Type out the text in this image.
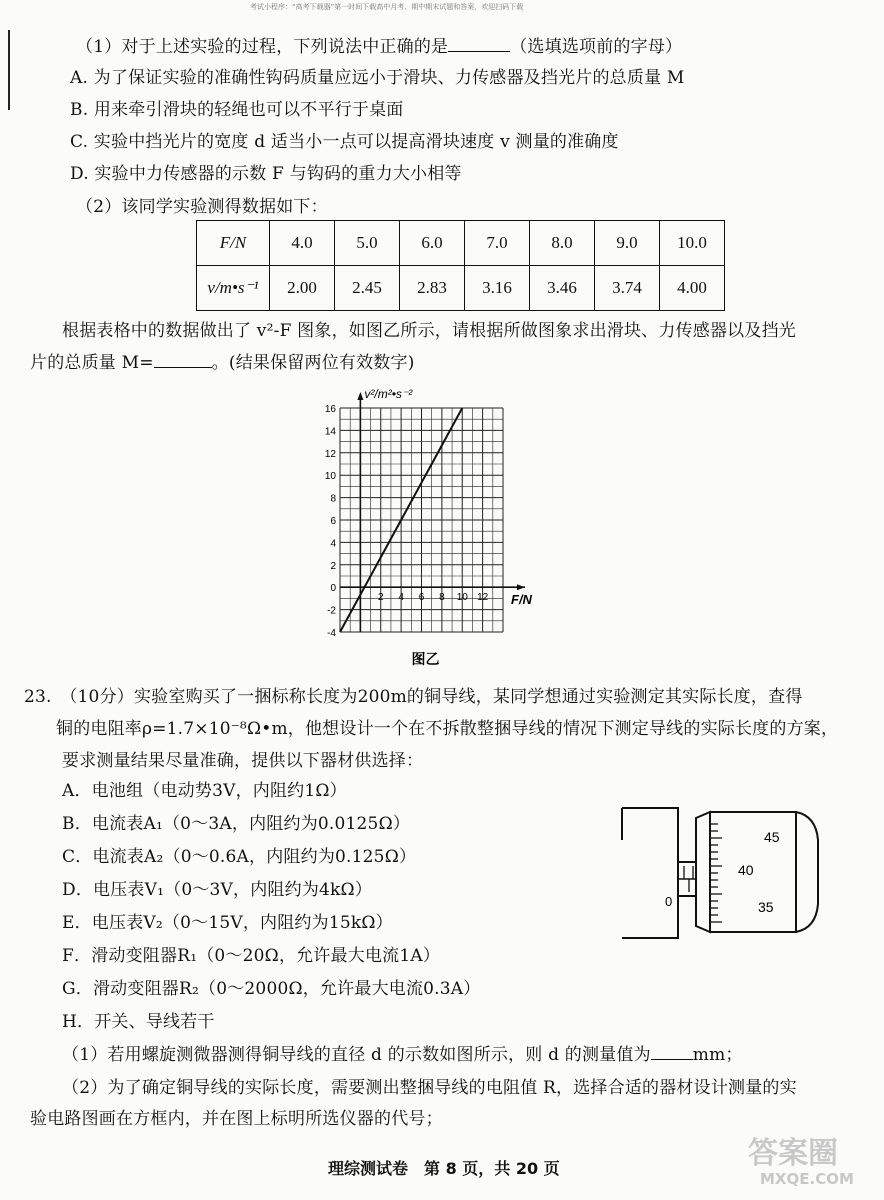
考试小程序：“高考下载器”第一时间下载高中月考、期中期末试题和答案，欢迎扫码下载
（1）对于上述实验的过程，下列说法中正确的是	（选填选项前的字母）
A. 为了保证实验的准确性钩码质量应远小于滑块、力传感器及挡光片的总质量 M
B. 用来牵引滑块的轻绳也可以不平行于桌面
C. 实验中挡光片的宽度 d 适当小一点可以提高滑块速度 v 测量的准确度
D. 实验中力传感器的示数 F 与钩码的重力大小相等
（2）该同学实验测得数据如下：
F/N	4.0	5.0	6.0	7.0	8.0	9.0	10.0
v/m•s⁻¹	2.00	2.45	2.83	3.16	3.46	3.74	4.00
根据表格中的数据做出了 v²-F 图象，如图乙所示，请根据所做图象求出滑块、力传感器以及挡光
片的总质量 M=	。(结果保留两位有效数字)
16
14
12
10
8
6
4
2
0
-2
-4
2 4 6 8 10 12
v²/m²•s⁻²
F/N
图乙
23.　（10分）实验室购买了一捆标称长度为200m的铜导线，某同学想通过实验测定其实际长度，查得
铜的电阻率ρ=1.7×10⁻⁸Ω•m，他想设计一个在不拆散整捆导线的情况下测定导线的实际长度的方案，
要求测量结果尽量准确，提供以下器材供选择：
A．电池组（电动势3V，内阻约1Ω）
B．电流表A₁（0～3A，内阻约为0.0125Ω）
C．电流表A₂（0～0.6A，内阻约为0.125Ω）
D．电压表V₁（0～3V，内阻约为4kΩ）
E．电压表V₂（0～15V，内阻约为15kΩ）
F．滑动变阻器R₁（0～20Ω，允许最大电流1A）
G．滑动变阻器R₂（0～2000Ω，允许最大电流0.3A）
H．开关、导线若干
（1）若用螺旋测微器测得铜导线的直径 d 的示数如图所示，则 d 的测量值为 mm；
（2）为了确定铜导线的实际长度，需要测出整捆导线的电阻值 R，选择合适的器材设计测量的实
验电路图画在方框内，并在图上标明所选仪器的代号；
0
45
40
35
理综测试卷　第 8 页，共 20 页	答案圈
MXQE.COM
